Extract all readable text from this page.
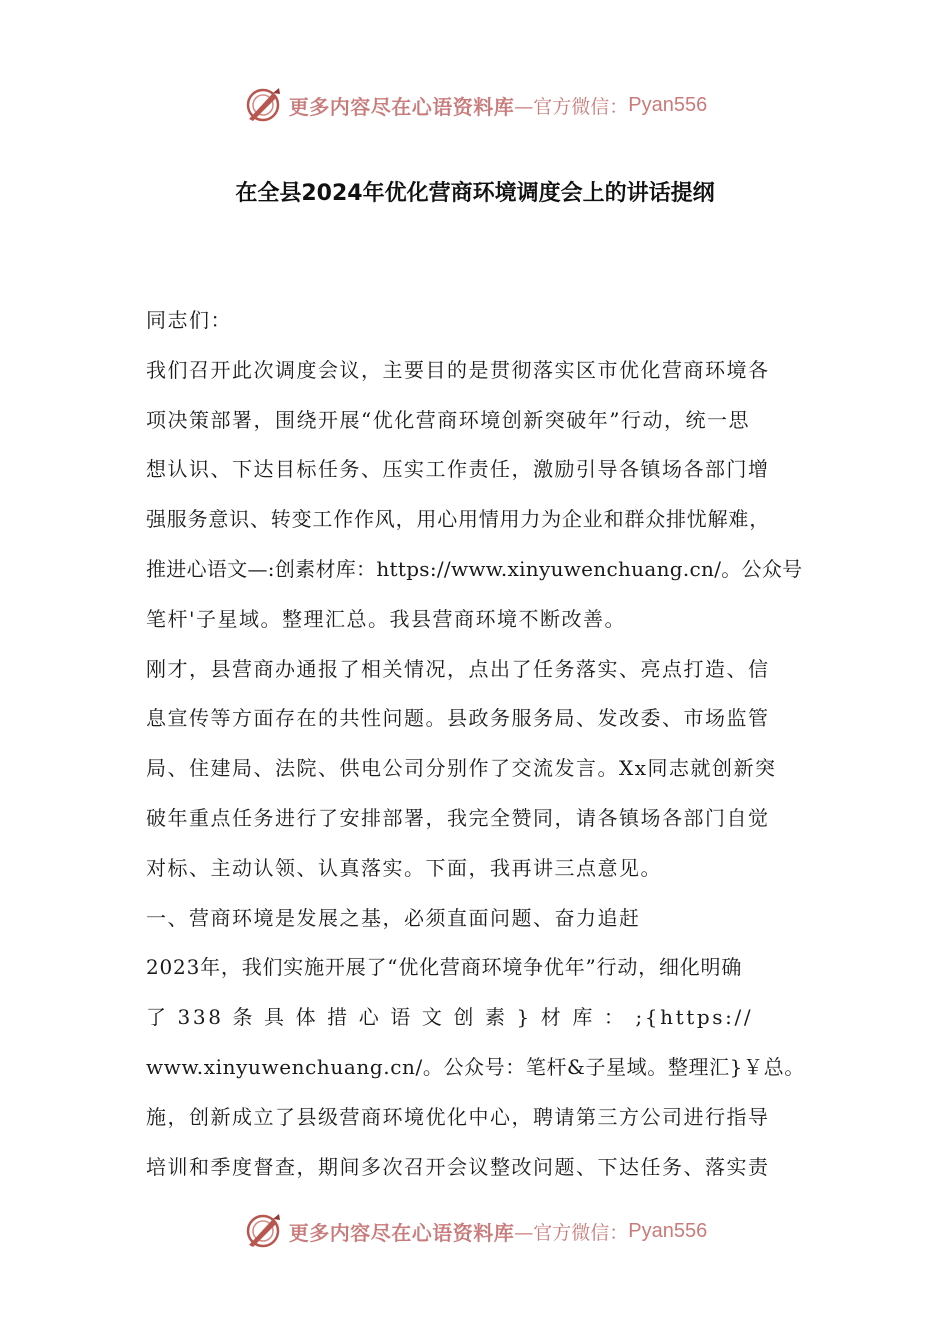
更多内容尽在心语资料库 —官方微信： Pyan556
在全县2024年优化营商环境调度会上的讲话提纲
同志们：
我们召开此次调度会议，主要目的是贯彻落实区市优化营商环境各
项决策部署，围绕开展“优化营商环境创新突破年”行动，统一思
想认识、下达目标任务、压实工作责任，激励引导各镇场各部门增
强服务意识、转变工作作风，用心用情用力为企业和群众排忧解难，
推进心语文—:创素材库：https://www.xinyuwenchuang.cn/。公众号
笔杆'子星域。整理汇总。我县营商环境不断改善。
刚才，县营商办通报了相关情况，点出了任务落实、亮点打造、信
息宣传等方面存在的共性问题。县政务服务局、发改委、市场监管
局、住建局、法院、供电公司分别作了交流发言。Xx同志就创新突
破年重点任务进行了安排部署，我完全赞同，请各镇场各部门自觉
对标、主动认领、认真落实。下面，我再讲三点意见。
一、营商环境是发展之基，必须直面问题、奋力追赶
2023年，我们实施开展了“优化营商环境争优年”行动，细化明确
了 338 条 具 体 措 心 语 文 创 素 } 材 库 ： ;{https://
www.xinyuwenchuang.cn/。公众号：笔杆&子星域。整理汇}￥总。
施，创新成立了县级营商环境优化中心，聘请第三方公司进行指导
培训和季度督查，期间多次召开会议整改问题、下达任务、落实责
更多内容尽在心语资料库 —官方微信： Pyan556
